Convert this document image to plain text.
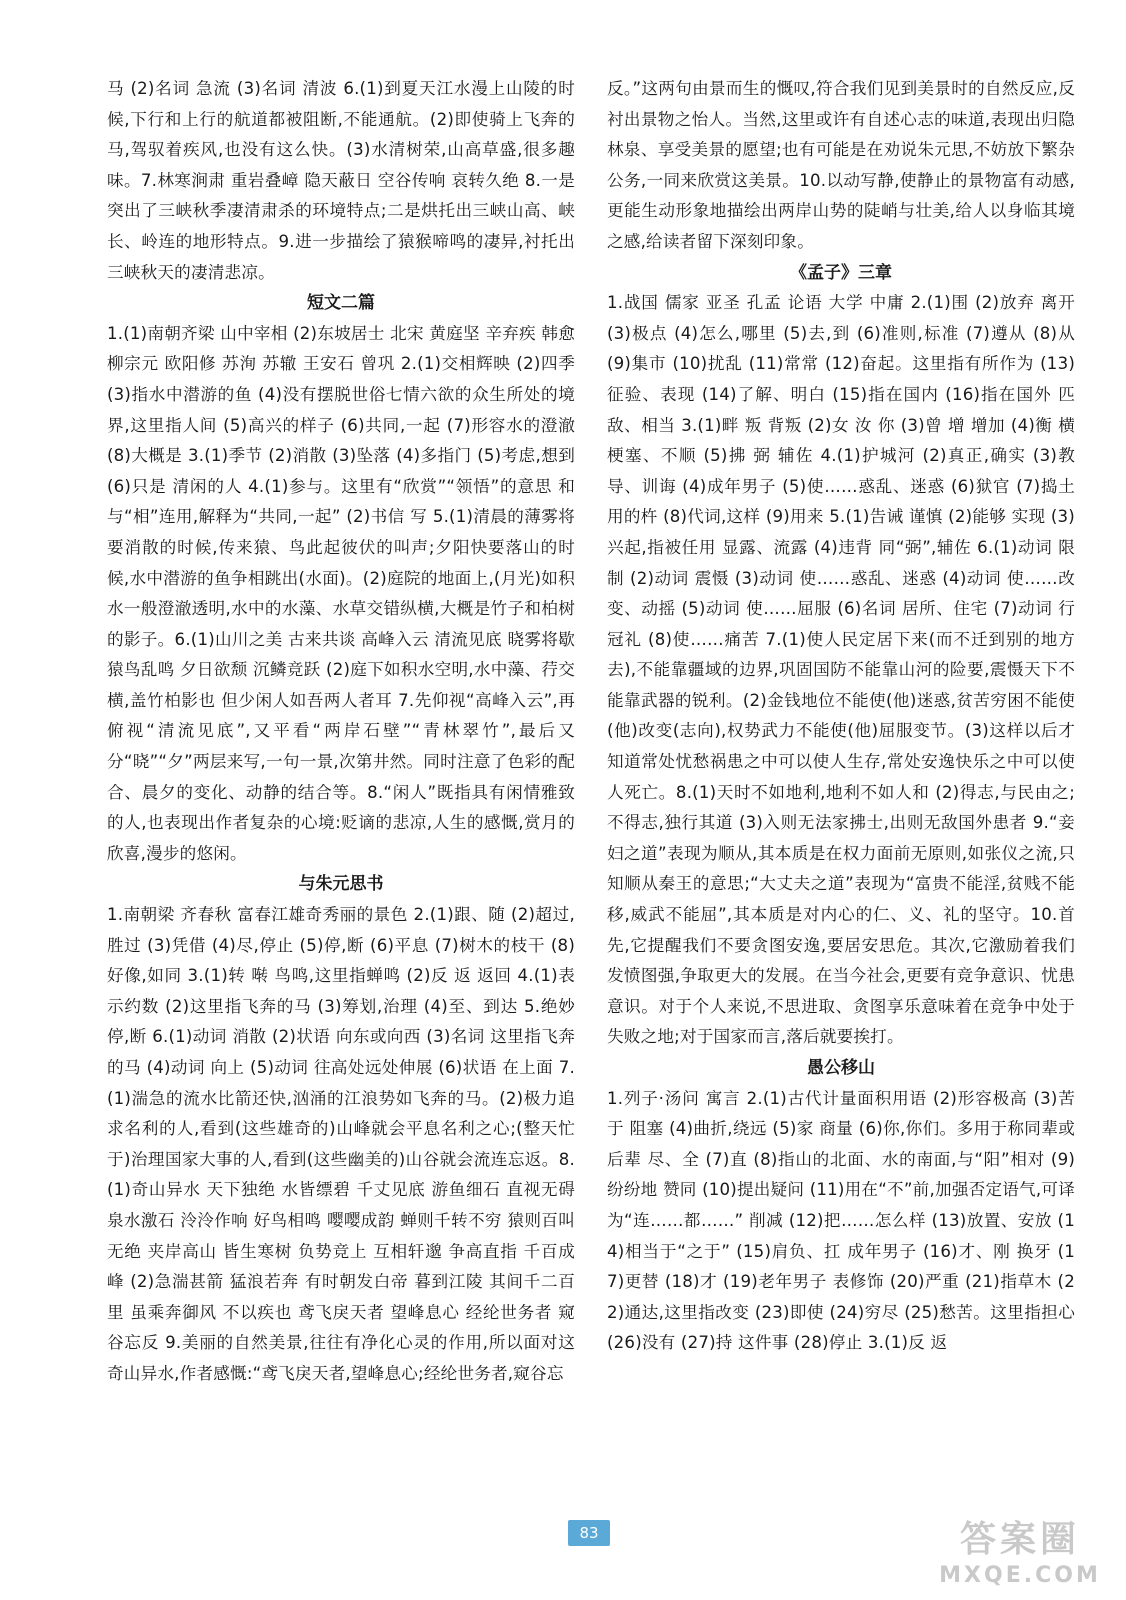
马 (2)名词 急流 (3)名词 清波 6.(1)到夏天江水漫上山陵的时候,下行和上行的航道都被阻断,不能通航。(2)即使骑上飞奔的马,驾驭着疾风,也没有这么快。(3)水清树荣,山高草盛,很多趣味。7.林寒涧肃 重岩叠嶂 隐天蔽日 空谷传响 哀转久绝 8.一是突出了三峡秋季凄清肃杀的环境特点;二是烘托出三峡山高、峡长、岭连的地形特点。9.进一步描绘了猿猴啼鸣的凄异,衬托出三峡秋天的凄清悲凉。

短文二篇

1.(1)南朝齐梁 山中宰相 (2)东坡居士 北宋 黄庭坚 辛弃疾 韩愈 柳宗元 欧阳修 苏洵 苏辙 王安石 曾巩 2.(1)交相辉映 (2)四季 (3)指水中潜游的鱼 (4)没有摆脱世俗七情六欲的众生所处的境界,这里指人间 (5)高兴的样子 (6)共同,一起 (7)形容水的澄澈 (8)大概是 3.(1)季节 (2)消散 (3)坠落 (4)多指门 (5)考虑,想到 (6)只是 清闲的人 4.(1)参与。这里有“欣赏”“领悟”的意思 和 与“相”连用,解释为“共同,一起” (2)书信 写 5.(1)清晨的薄雾将要消散的时候,传来猿、鸟此起彼伏的叫声;夕阳快要落山的时候,水中潜游的鱼争相跳出(水面)。(2)庭院的地面上,(月光)如积水一般澄澈透明,水中的水藻、水草交错纵横,大概是竹子和柏树的影子。6.(1)山川之美 古来共谈 高峰入云 清流见底 晓雾将歇 猿鸟乱鸣 夕日欲颓 沉鳞竞跃 (2)庭下如积水空明,水中藻、荇交横,盖竹柏影也 但少闲人如吾两人者耳 7.先仰视“高峰入云”,再俯视“清流见底”,又平看“两岸石壁”“青林翠竹”,最后又分“晓”“夕”两层来写,一句一景,次第井然。同时注意了色彩的配合、晨夕的变化、动静的结合等。8.“闲人”既指具有闲情雅致的人,也表现出作者复杂的心境:贬谪的悲凉,人生的感慨,赏月的欣喜,漫步的悠闲。

与朱元思书

1.南朝梁 齐春秋 富春江雄奇秀丽的景色 2.(1)跟、随 (2)超过,胜过 (3)凭借 (4)尽,停止 (5)停,断 (6)平息 (7)树木的枝干 (8)好像,如同 3.(1)转 啭 鸟鸣,这里指蝉鸣 (2)反 返 返回 4.(1)表示约数 (2)这里指飞奔的马 (3)筹划,治理 (4)至、到达 5.绝妙 停,断 6.(1)动词 消散 (2)状语 向东或向西 (3)名词 这里指飞奔的马 (4)动词 向上 (5)动词 往高处远处伸展 (6)状语 在上面 7.(1)湍急的流水比箭还快,汹涌的江浪势如飞奔的马。(2)极力追求名利的人,看到(这些雄奇的)山峰就会平息名利之心;(整天忙于)治理国家大事的人,看到(这些幽美的)山谷就会流连忘返。8.(1)奇山异水 天下独绝 水皆缥碧 千丈见底 游鱼细石 直视无碍 泉水激石 泠泠作响 好鸟相鸣 嘤嘤成韵 蝉则千转不穷 猿则百叫无绝 夹岸高山 皆生寒树 负势竞上 互相轩邈 争高直指 千百成峰 (2)急湍甚箭 猛浪若奔 有时朝发白帝 暮到江陵 其间千二百里 虽乘奔御风 不以疾也 鸢飞戾天者 望峰息心 经纶世务者 窥谷忘反 9.美丽的自然美景,往往有净化心灵的作用,所以面对这奇山异水,作者感慨:“鸢飞戾天者,望峰息心;经纶世务者,窥谷忘

反。”这两句由景而生的慨叹,符合我们见到美景时的自然反应,反衬出景物之怡人。当然,这里或许有自述心志的味道,表现出归隐林泉、享受美景的愿望;也有可能是在劝说朱元思,不妨放下繁杂公务,一同来欣赏这美景。10.以动写静,使静止的景物富有动感,更能生动形象地描绘出两岸山势的陡峭与壮美,给人以身临其境之感,给读者留下深刻印象。

《孟子》三章

1.战国 儒家 亚圣 孔孟 论语 大学 中庸 2.(1)围 (2)放弃 离开 (3)极点 (4)怎么,哪里 (5)去,到 (6)准则,标准 (7)遵从 (8)从 (9)集市 (10)扰乱 (11)常常 (12)奋起。这里指有所作为 (13)征验、表现 (14)了解、明白 (15)指在国内 (16)指在国外 匹敌、相当 3.(1)畔 叛 背叛 (2)女 汝 你 (3)曾 增 增加 (4)衡 横 梗塞、不顺 (5)拂 弼 辅佐 4.(1)护城河 (2)真正,确实 (3)教导、训诲 (4)成年男子 (5)使……惑乱、迷惑 (6)狱官 (7)捣土用的杵 (8)代词,这样 (9)用来 5.(1)告诫 谨慎 (2)能够 实现 (3)兴起,指被任用 显露、流露 (4)违背 同“弼”,辅佐 6.(1)动词 限制 (2)动词 震慑 (3)动词 使……惑乱、迷惑 (4)动词 使……改变、动摇 (5)动词 使……屈服 (6)名词 居所、住宅 (7)动词 行冠礼 (8)使……痛苦 7.(1)使人民定居下来(而不迁到别的地方去),不能靠疆域的边界,巩固国防不能靠山河的险要,震慑天下不能靠武器的锐利。(2)金钱地位不能使(他)迷惑,贫苦穷困不能使(他)改变(志向),权势武力不能使(他)屈服变节。(3)这样以后才知道常处忧愁祸患之中可以使人生存,常处安逸快乐之中可以使人死亡。8.(1)天时不如地利,地利不如人和 (2)得志,与民由之;不得志,独行其道 (3)入则无法家拂士,出则无敌国外患者 9.“妾妇之道”表现为顺从,其本质是在权力面前无原则,如张仪之流,只知顺从秦王的意思;“大丈夫之道”表现为“富贵不能淫,贫贱不能移,威武不能屈”,其本质是对内心的仁、义、礼的坚守。10.首先,它提醒我们不要贪图安逸,要居安思危。其次,它激励着我们发愤图强,争取更大的发展。在当今社会,更要有竞争意识、忧患意识。对于个人来说,不思进取、贪图享乐意味着在竞争中处于失败之地;对于国家而言,落后就要挨打。

愚公移山

1.列子·汤问 寓言 2.(1)古代计量面积用语 (2)形容极高 (3)苦于 阻塞 (4)曲折,绕远 (5)家 商量 (6)你,你们。多用于称同辈或后辈 尽、全 (7)直 (8)指山的北面、水的南面,与“阳”相对 (9)纷纷地 赞同 (10)提出疑问 (11)用在“不”前,加强否定语气,可译为“连……都……” 削减 (12)把……怎么样 (13)放置、安放 (14)相当于“之于” (15)肩负、扛 成年男子 (16)才、刚 换牙 (17)更替 (18)才 (19)老年男子 表修饰 (20)严重 (21)指草木 (22)通达,这里指改变 (23)即使 (24)穷尽 (25)愁苦。这里指担心 (26)没有 (27)持 这件事 (28)停止 3.(1)反 返

83	答案圈
MXQE.COM
